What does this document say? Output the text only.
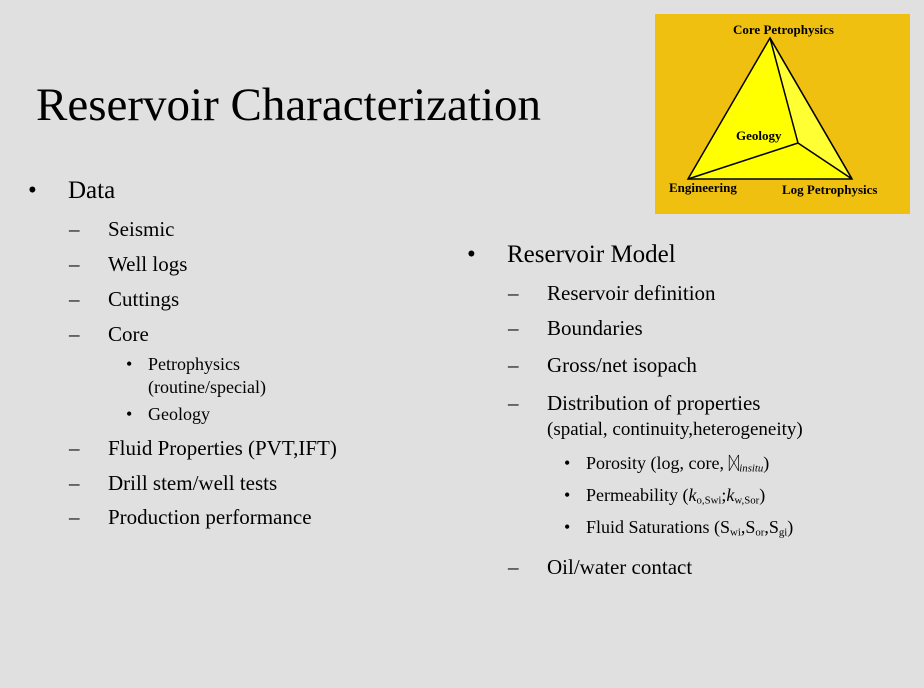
Reservoir Characterization
Core Petrophysics
Geology
Engineering	Log Petrophysics
• Data
– Seismic
– Well logs
– Cuttings
– Core
• Petrophysics
(routine/special)
• Geology
– Fluid Properties (PVT,IFT)
– Drill stem/well tests
– Production performance
• Reservoir Model
– Reservoir definition
– Boundaries
– Gross/net isopach
– Distribution of properties
(spatial, continuity,heterogeneity)
• Porosity (log, core, ᛞ$_{insitu}$)
• Permeability $(k_{o,Swi};k_{w,Sor})$
• Fluid Saturations $(S_{wi},S_{or},S_{gi})$
– Oil/water contact
